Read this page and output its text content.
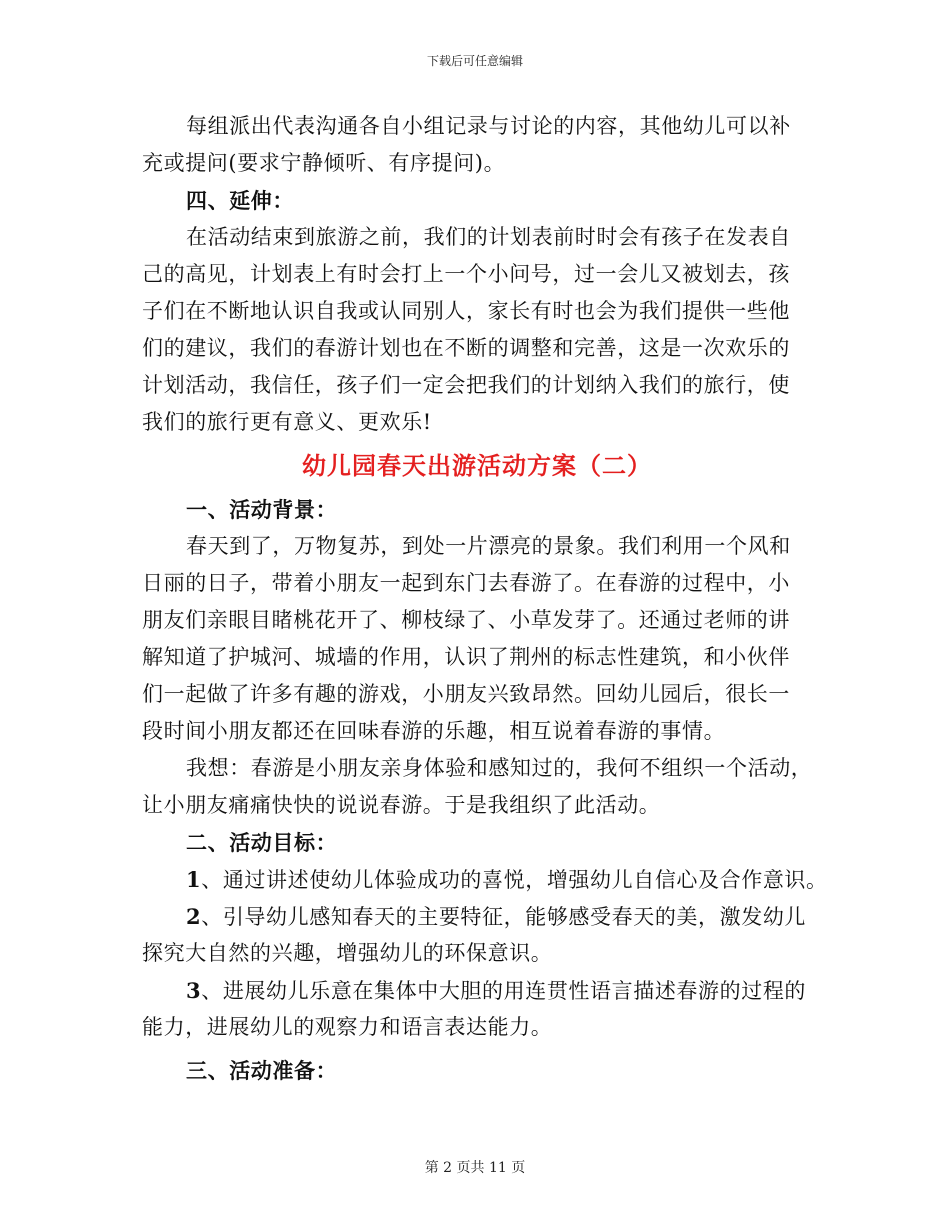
下载后可任意编辑
每组派出代表沟通各自小组记录与讨论的内容，其他幼儿可以补
充或提问(要求宁静倾听、有序提问)。
四、延伸：
在活动结束到旅游之前，我们的计划表前时时会有孩子在发表自
己的高见，计划表上有时会打上一个小问号，过一会儿又被划去，孩
子们在不断地认识自我或认同别人，家长有时也会为我们提供一些他
们的建议，我们的春游计划也在不断的调整和完善，这是一次欢乐的
计划活动，我信任，孩子们一定会把我们的计划纳入我们的旅行，使
我们的旅行更有意义、更欢乐!
幼儿园春天出游活动方案（二）
一、活动背景：
春天到了，万物复苏，到处一片漂亮的景象。我们利用一个风和
日丽的日子，带着小朋友一起到东门去春游了。在春游的过程中，小
朋友们亲眼目睹桃花开了、柳枝绿了、小草发芽了。还通过老师的讲
解知道了护城河、城墙的作用，认识了荆州的标志性建筑，和小伙伴
们一起做了许多有趣的游戏，小朋友兴致昂然。回幼儿园后，很长一
段时间小朋友都还在回味春游的乐趣，相互说着春游的事情。
我想：春游是小朋友亲身体验和感知过的，我何不组织一个活动，
让小朋友痛痛快快的说说春游。于是我组织了此活动。
二、活动目标：
1、通过讲述使幼儿体验成功的喜悦，增强幼儿自信心及合作意识。
2、引导幼儿感知春天的主要特征，能够感受春天的美，激发幼儿
探究大自然的兴趣，增强幼儿的环保意识。
3、进展幼儿乐意在集体中大胆的用连贯性语言描述春游的过程的
能力，进展幼儿的观察力和语言表达能力。
三、活动准备：
第 2 页共 11 页
